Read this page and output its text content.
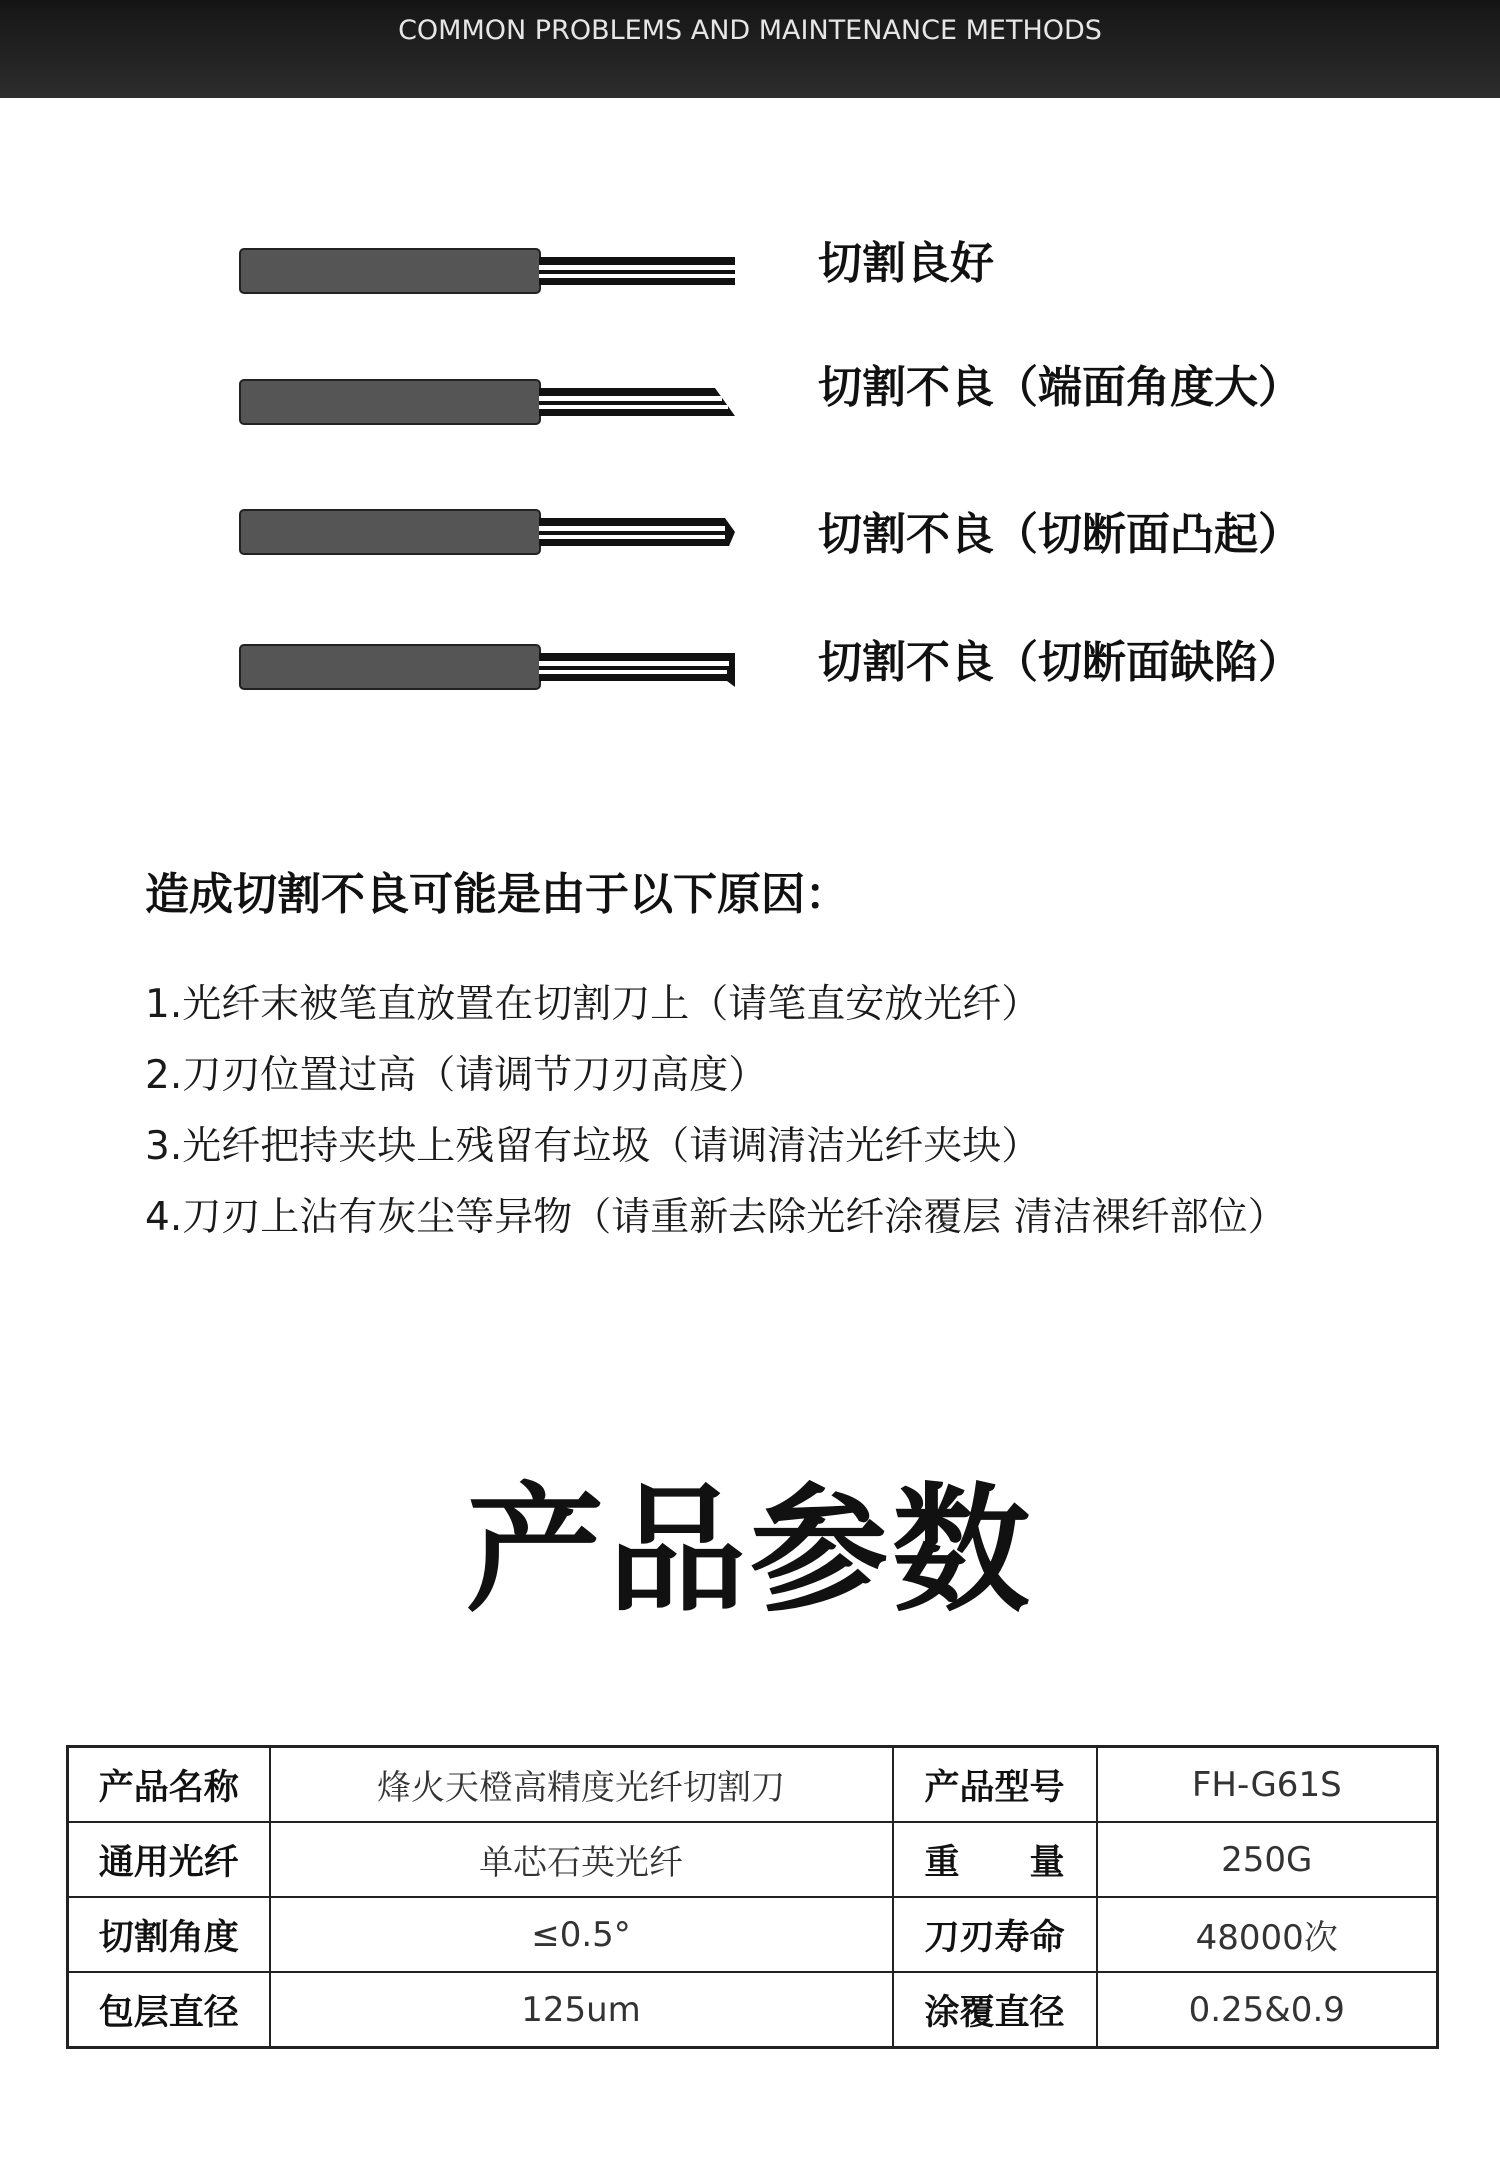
COMMON PROBLEMS AND MAINTENANCE METHODS
切割良好
切割不良（端面角度大）
切割不良（切断面凸起）
切割不良（切断面缺陷）
造成切割不良可能是由于以下原因：
1.光纤末被笔直放置在切割刀上（请笔直安放光纤）
2.刀刃位置过高（请调节刀刃高度）
3.光纤把持夹块上残留有垃圾（请调清洁光纤夹块）
4.刀刃上沾有灰尘等异物（请重新去除光纤涂覆层 清洁裸纤部位）
产品参数
产品名称	烽火天橙高精度光纤切割刀	产品型号	FH-G61S
通用光纤	单芯石英光纤	重　　量	250G
切割角度	≤0.5°	刀刃寿命	48000次
包层直径	125um	涂覆直径	0.25&0.9
